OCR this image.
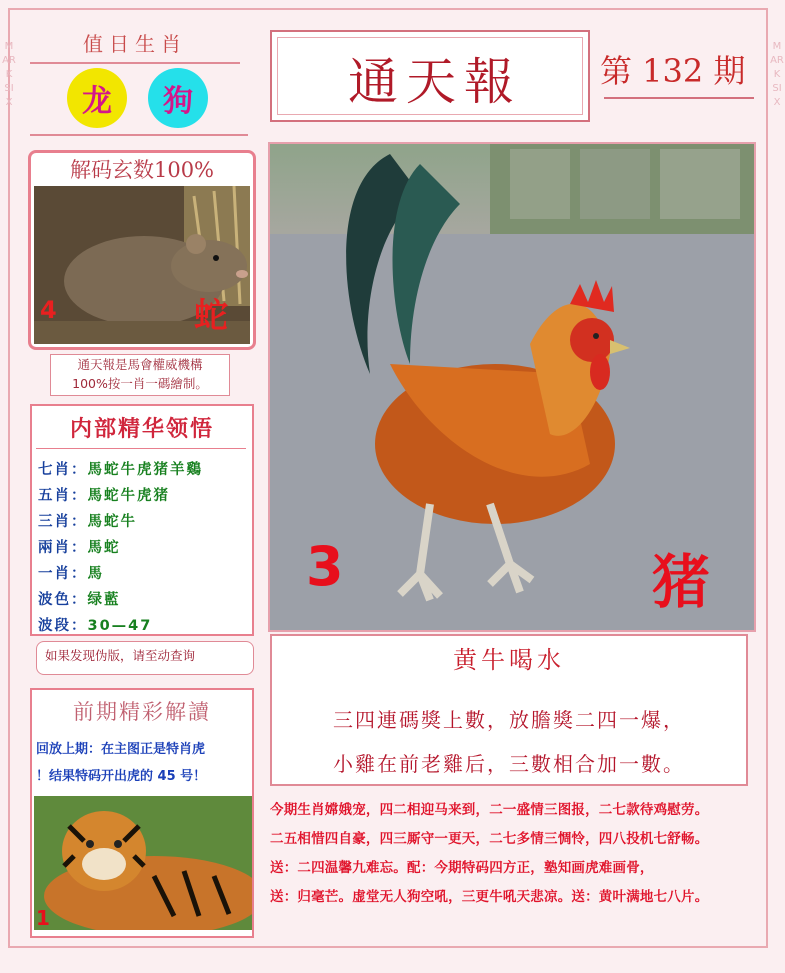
MARK SIX
MARK SIX
值日生肖
龙	狗
解码玄数100%
4	蛇
通天報是馬會權威機構
100%按一肖一碼繪制。
内部精华领悟
七肖：馬蛇牛虎猪羊鷄
五肖：馬蛇牛虎猪
三肖：馬蛇牛
兩肖：馬蛇
一肖：馬
波色：绿藍
波段：30—47
如果发现伪版，请至动查询
前期精彩解讀
回放上期：在主图正是特肖虎
！结果特码开出虎的 45 号！
1
通天報	第 132 期
3	猪
黄牛喝水
三四連碼獎上數，放膽獎二四一爆，
小雞在前老雞后，三數相合加一數。
今期生肖嫦娥宠，四二相迎马来到，二一盛情三图报，二七款待鸡慰劳。
二五相惜四自豪，四三厮守一更天，二七多情三惆怜，四八投机七舒畅。
送：二四温馨九难忘。配：今期特码四方正，塾知画虎难画骨，
送：归毫芒。虚堂无人狗空吼，三更牛吼天悲凉。送：黄叶满地七八片。
